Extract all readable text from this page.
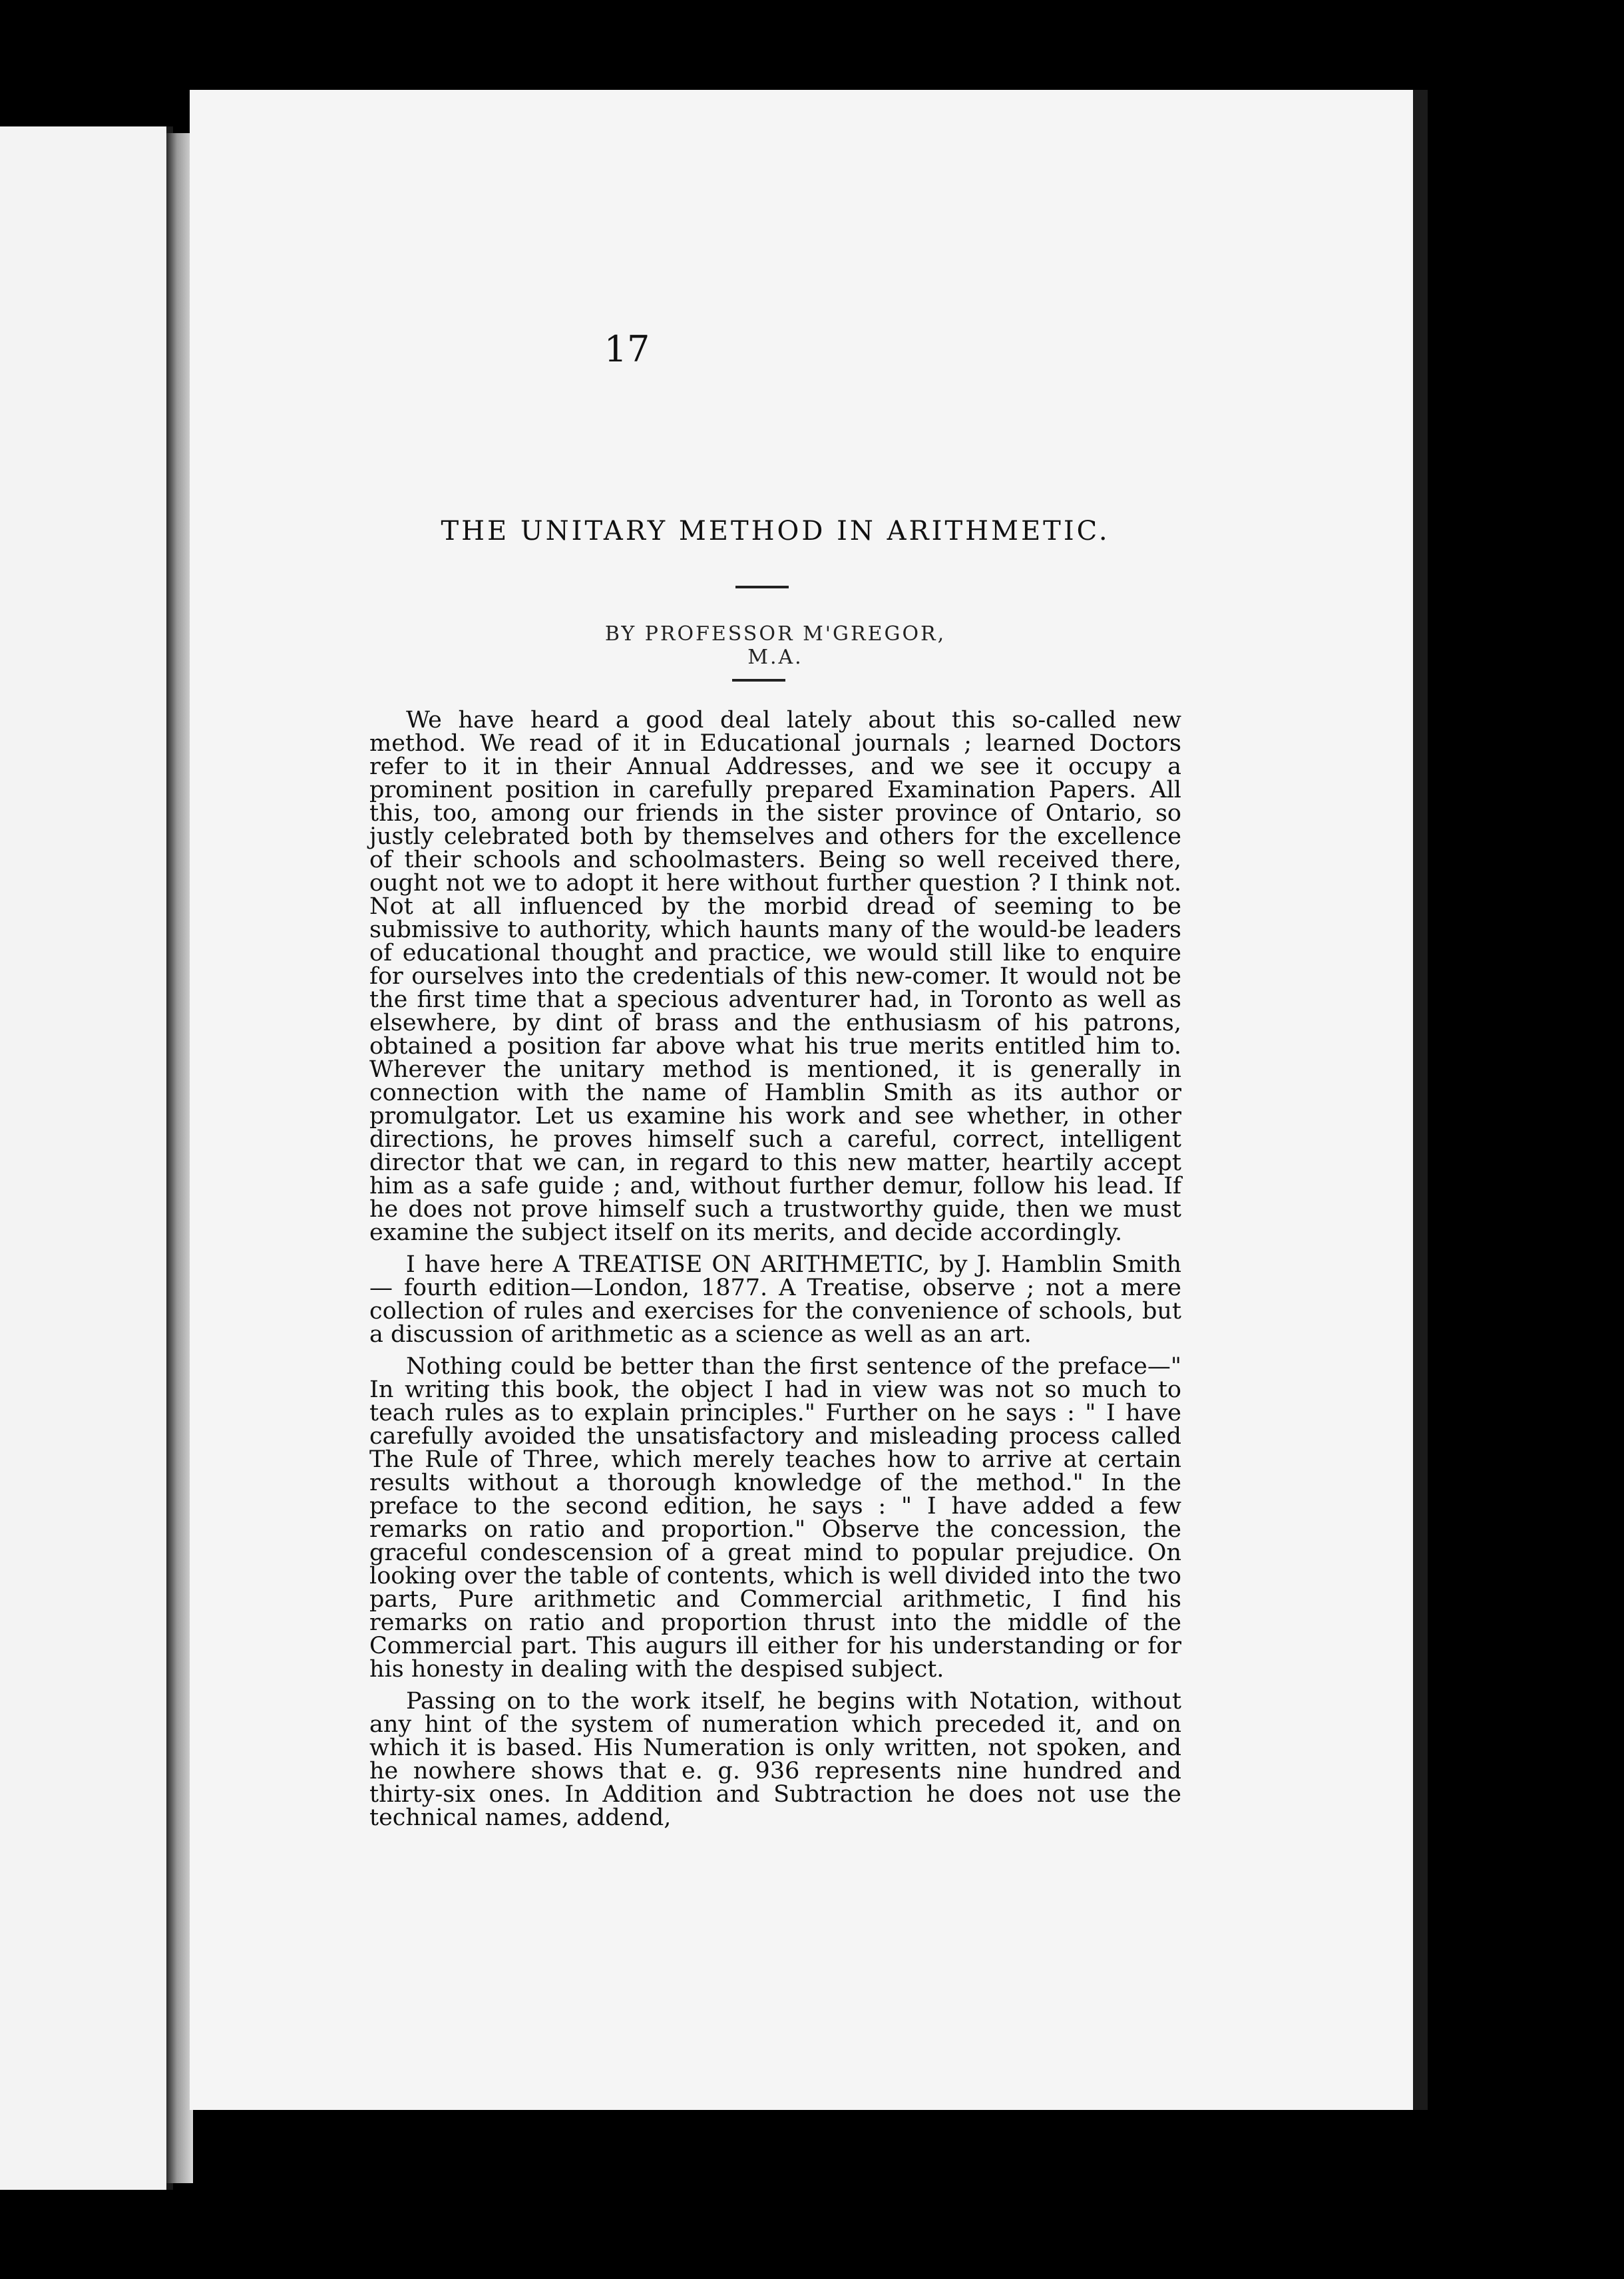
17
THE UNITARY METHOD IN ARITHMETIC.
BY PROFESSOR M'GREGOR, M.A.

We have heard a good deal lately about this so-called new method. We read of it in Educational journals ; learned Doctors refer to it in their Annual Addresses, and we see it occupy a prominent position in carefully prepared Examination Papers. All this, too, among our friends in the sister province of Ontario, so justly celebrated both by themselves and others for the excellence of their schools and schoolmasters. Being so well received there, ought not we to adopt it here without further question ? I think not. Not at all influenced by the morbid dread of seeming to be submissive to authority, which haunts many of the would-be leaders of educational thought and practice, we would still like to enquire for ourselves into the credentials of this new-comer. It would not be the first time that a specious adventurer had, in Toronto as well as elsewhere, by dint of brass and the enthusiasm of his patrons, obtained a position far above what his true merits entitled him to. Wherever the unitary method is mentioned, it is generally in connection with the name of Hamblin Smith as its author or promulgator. Let us examine his work and see whether, in other directions, he proves himself such a careful, correct, intelligent director that we can, in regard to this new matter, heartily accept him as a safe guide ; and, without further demur, follow his lead. If he does not prove himself such a trustworthy guide, then we must examine the subject itself on its merits, and decide accordingly.

I have here A TREATISE ON ARITHMETIC, by J. Hamblin Smith— fourth edition—London, 1877. A Treatise, observe ; not a mere collection of rules and exercises for the convenience of schools, but a discussion of arithmetic as a science as well as an art.

Nothing could be better than the first sentence of the preface—" In writing this book, the object I had in view was not so much to teach rules as to explain principles." Further on he says : " I have carefully avoided the unsatisfactory and misleading process called The Rule of Three, which merely teaches how to arrive at certain results without a thorough knowledge of the method." In the preface to the second edition, he says : " I have added a few remarks on ratio and proportion." Observe the concession, the graceful condescension of a great mind to popular prejudice. On looking over the table of contents, which is well divided into the two parts, Pure arithmetic and Commercial arithmetic, I find his remarks on ratio and proportion thrust into the middle of the Commercial part. This augurs ill either for his understanding or for his honesty in dealing with the despised subject.

Passing on to the work itself, he begins with Notation, without any hint of the system of numeration which preceded it, and on which it is based. His Numeration is only written, not spoken, and he nowhere shows that e. g. 936 represents nine hundred and thirty-six ones. In Addition and Subtraction he does not use the technical names, addend,
